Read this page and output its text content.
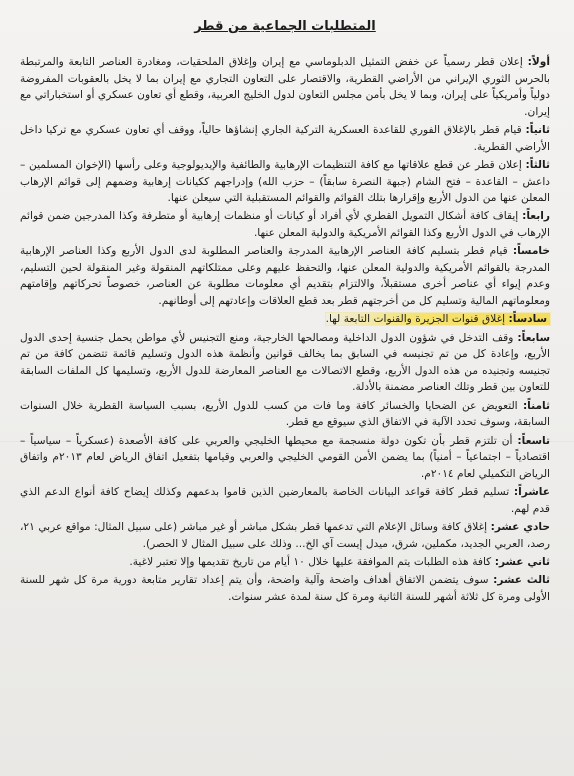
المتطلبات الجماعية من قطر

أولاً: إعلان قطر رسمياً عن خفض التمثيل الدبلوماسي مع إيران وإغلاق الملحقيات، ومغادرة العناصر التابعة والمرتبطة بالحرس الثوري الإيراني من الأراضي القطرية، والاقتصار على التعاون التجاري مع إيران بما لا يخل بالعقوبات المفروضة دولياً وأمريكياً على إيران، وبما لا يخل بأمن مجلس التعاون لدول الخليج العربية، وقطع أي تعاون عسكري أو استخباراتي مع إيران.

ثانياً: قيام قطر بالإغلاق الفوري للقاعدة العسكرية التركية الجاري إنشاؤها حالياً، ووقف أي تعاون عسكري مع تركيا داخل الأراضي القطرية.

ثالثاً: إعلان قطر عن قطع علاقاتها مع كافة التنظيمات الإرهابية والطائفية والإيديولوجية وعلى رأسها (الإخوان المسلمين – داعش – القاعدة – فتح الشام (جبهة النصرة سابقاً) – حزب الله) وإدراجهم ككيانات إرهابية وضمهم إلى قوائم الإرهاب المعلن عنها من الدول الأربع وإقرارها بتلك القوائم والقوائم المستقبلية التي سيعلن عنها.

رابعاً: إيقاف كافة أشكال التمويل القطري لأي أفراد أو كيانات أو منظمات إرهابية أو متطرفة وكذا المدرجين ضمن قوائم الإرهاب في الدول الأربع وكذا القوائم الأمريكية والدولية المعلن عنها.

خامساً: قيام قطر بتسليم كافة العناصر الإرهابية المدرجة والعناصر المطلوبة لدى الدول الأربع وكذا العناصر الإرهابية المدرجة بالقوائم الأمريكية والدولية المعلن عنها، والتحفظ عليهم وعلى ممتلكاتهم المنقولة وغير المنقولة لحين التسليم، وعدم إيواء أي عناصر أخرى مستقبلاً، والالتزام بتقديم أي معلومات مطلوبة عن العناصر، خصوصاً تحركاتهم وإقامتهم ومعلوماتهم المالية وتسليم كل من أخرجتهم قطر بعد قطع العلاقات وإعادتهم إلى أوطانهم.

سادساً: إغلاق قنوات الجزيرة والقنوات التابعة لها.

سابعاً: وقف التدخل في شؤون الدول الداخلية ومصالحها الخارجية، ومنع التجنيس لأي مواطن يحمل جنسية إحدى الدول الأربع، وإعادة كل من تم تجنيسه في السابق بما يخالف قوانين وأنظمة هذه الدول وتسليم قائمة تتضمن كافة من تم تجنيسه وتجنيده من هذه الدول الأربع، وقطع الاتصالات مع العناصر المعارضة للدول الأربع، وتسليمها كل الملفات السابقة للتعاون بين قطر وتلك العناصر مضمنة بالأدلة.

ثامناً: التعويض عن الضحايا والخسائر كافة وما فات من كسب للدول الأربع، بسبب السياسة القطرية خلال السنوات السابقة، وسوف تحدد الآلية في الاتفاق الذي سيوقع مع قطر.

تاسعاً: أن تلتزم قطر بأن تكون دولة منسجمة مع محيطها الخليجي والعربي على كافة الأصعدة (عسكرياً – سياسياً – اقتصادياً – اجتماعياً – أمنياً) بما يضمن الأمن القومي الخليجي والعربي وقيامها بتفعيل اتفاق الرياض لعام ٢٠١٣م واتفاق الرياض التكميلي لعام ٢٠١٤م.

عاشراً: تسليم قطر كافة قواعد البيانات الخاصة بالمعارضين الذين قاموا بدعمهم وكذلك إيضاح كافة أنواع الدعم الذي قدم لهم.

حادي عشر: إغلاق كافة وسائل الإعلام التي تدعمها قطر بشكل مباشر أو غير مباشر (على سبيل المثال: مواقع عربي ٢١، رصد، العربي الجديد، مكملين، شرق، ميدل إيست آي الخ... وذلك على سبيل المثال لا الحصر).

ثاني عشر: كافة هذه الطلبات يتم الموافقة عليها خلال ١٠ أيام من تاريخ تقديمها وإلا تعتبر لاغية.

ثالث عشر: سوف يتضمن الاتفاق أهداف واضحة وآلية واضحة، وأن يتم إعداد تقارير متابعة دورية مرة كل شهر للسنة الأولى ومرة كل ثلاثة أشهر للسنة الثانية ومرة كل سنة لمدة عشر سنوات.
